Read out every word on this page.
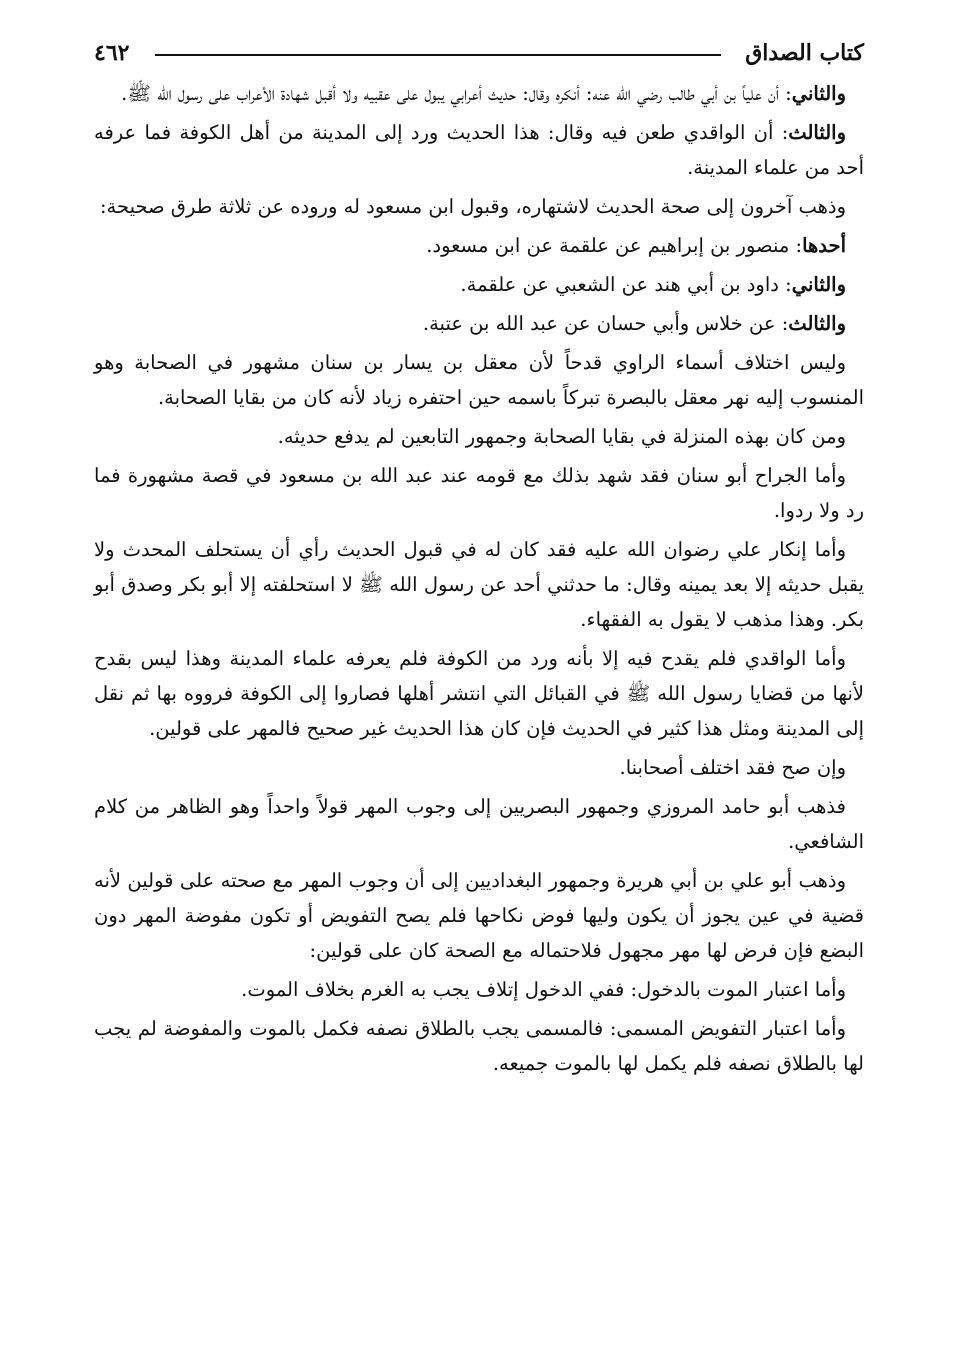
٤٦٢	كتاب الصداق

والثاني: أن علياً بن أبي طالب رضي الله عنه: أنكره وقال: حديث أعرابي يبول على عقبيه ولا أقبل شهادة الأعراب على رسول الله ﷺ.

والثالث: أن الواقدي طعن فيه وقال: هذا الحديث ورد إلى المدينة من أهل الكوفة فما عرفه أحد من علماء المدينة.

وذهب آخرون إلى صحة الحديث لاشتهاره، وقبول ابن مسعود له وروده عن ثلاثة طرق صحيحة:

أحدها: منصور بن إبراهيم عن علقمة عن ابن مسعود.

والثاني: داود بن أبي هند عن الشعبي عن علقمة.

والثالث: عن خلاس وأبي حسان عن عبد الله بن عتبة.

وليس اختلاف أسماء الراوي قدحاً لأن معقل بن يسار بن سنان مشهور في الصحابة وهو المنسوب إليه نهر معقل بالبصرة تبركاً باسمه حين احتفره زياد لأنه كان من بقايا الصحابة.

ومن كان بهذه المنزلة في بقايا الصحابة وجمهور التابعين لم يدفع حديثه.

وأما الجراح أبو سنان فقد شهد بذلك مع قومه عند عبد الله بن مسعود في قصة مشهورة فما رد ولا ردوا.

وأما إنكار علي رضوان الله عليه فقد كان له في قبول الحديث رأي أن يستحلف المحدث ولا يقبل حديثه إلا بعد يمينه وقال: ما حدثني أحد عن رسول الله ﷺ لا استحلفته إلا أبو بكر وصدق أبو بكر. وهذا مذهب لا يقول به الفقهاء.

وأما الواقدي فلم يقدح فيه إلا بأنه ورد من الكوفة فلم يعرفه علماء المدينة وهذا ليس بقدح لأنها من قضايا رسول الله ﷺ في القبائل التي انتشر أهلها فصاروا إلى الكوفة فرووه بها ثم نقل إلى المدينة ومثل هذا كثير في الحديث فإن كان هذا الحديث غير صحيح فالمهر على قولين.

وإن صح فقد اختلف أصحابنا.

فذهب أبو حامد المروزي وجمهور البصريين إلى وجوب المهر قولاً واحداً وهو الظاهر من كلام الشافعي.

وذهب أبو علي بن أبي هريرة وجمهور البغداديين إلى أن وجوب المهر مع صحته على قولين لأنه قضية في عين يجوز أن يكون وليها فوض نكاحها فلم يصح التفويض أو تكون مفوضة المهر دون البضع فإن فرض لها مهر مجهول فلاحتماله مع الصحة كان على قولين:

وأما اعتبار الموت بالدخول: ففي الدخول إتلاف يجب به الغرم بخلاف الموت.

وأما اعتبار التفويض المسمى: فالمسمى يجب بالطلاق نصفه فكمل بالموت والمفوضة لم يجب لها بالطلاق نصفه فلم يكمل لها بالموت جميعه.
